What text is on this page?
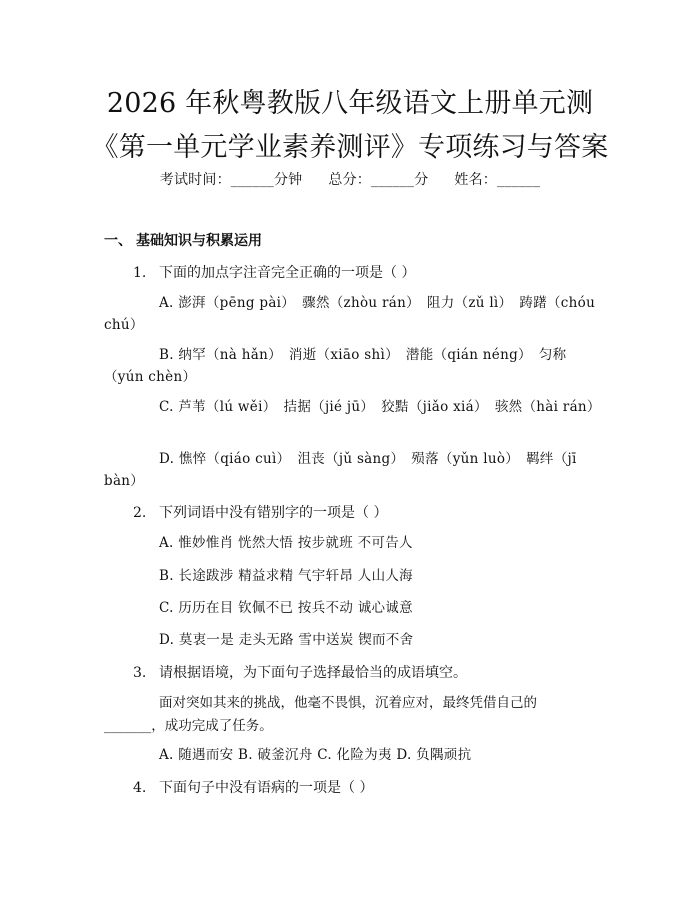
2026 年秋粤教版八年级语文上册单元测《第一单元学业素养测评》专项练习与答案
考试时间：______分钟 总分：______分 姓名：______
一、 基础知识与积累运用
1. 下面的加点字注音完全正确的一项是（ ）
A. 澎湃（pēng pài）　骤然（zhòu rán）　阻力（zǔ lì）　踌躇（chóu chú）
B. 纳罕（nà hǎn）　消逝（xiāo shì）　潜能（qián néng）　匀称（yún chèn）
C. 芦苇（lú wěi）　拮据（jié jū）　狡黠（jiǎo xiá）　骇然（hài rán）
D. 憔悴（qiáo cuì）　沮丧（jǔ sàng）　殒落（yǔn luò）　羁绊（jī bàn）
2. 下列词语中没有错别字的一项是（ ）
A. 惟妙惟肖 恍然大悟 按步就班 不可告人
B. 长途跋涉 精益求精 气宇轩昂 人山人海
C. 历历在目 钦佩不已 按兵不动 诚心诚意
D. 莫衷一是 走头无路 雪中送炭 锲而不舍
3. 请根据语境，为下面句子选择最恰当的成语填空。
面对突如其来的挑战，他毫不畏惧，沉着应对，最终凭借自己的_______，成功完成了任务。
A. 随遇而安 B. 破釜沉舟 C. 化险为夷 D. 负隅顽抗
4. 下面句子中没有语病的一项是（ ）
